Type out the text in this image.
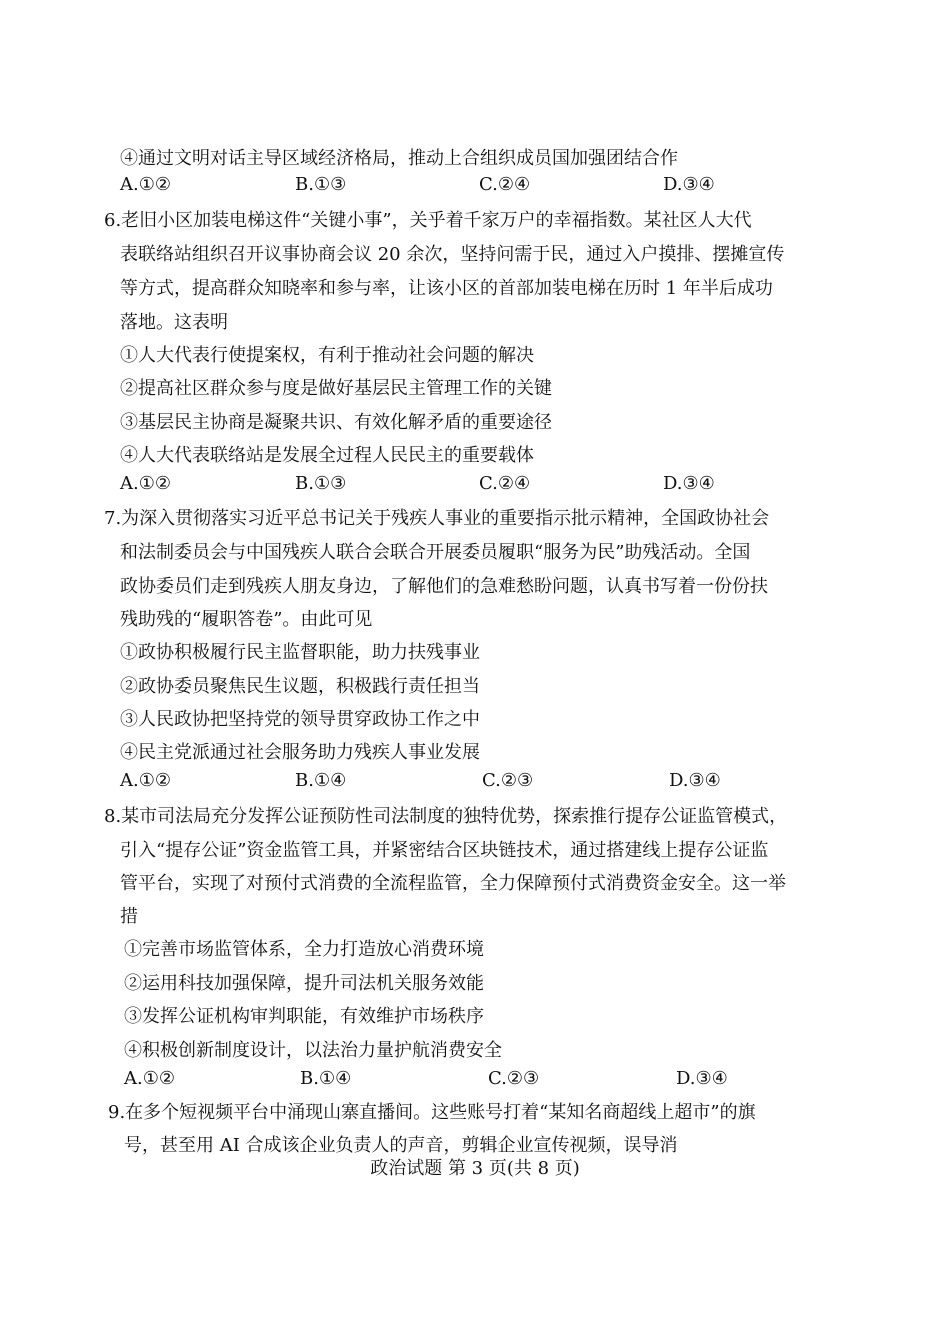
④通过文明对话主导区域经济格局，推动上合组织成员国加强团结合作
A.①②	B.①③	C.②④	D.③④
6.老旧小区加装电梯这件“关键小事”，关乎着千家万户的幸福指数。某社区人大代
表联络站组织召开议事协商会议 20 余次，坚持问需于民，通过入户摸排、摆摊宣传
等方式，提高群众知晓率和参与率，让该小区的首部加装电梯在历时 1 年半后成功
落地。这表明
①人大代表行使提案权，有利于推动社会问题的解决
②提高社区群众参与度是做好基层民主管理工作的关键
③基层民主协商是凝聚共识、有效化解矛盾的重要途径
④人大代表联络站是发展全过程人民民主的重要载体
A.①②	B.①③	C.②④	D.③④
7.为深入贯彻落实习近平总书记关于残疾人事业的重要指示批示精神，全国政协社会
和法制委员会与中国残疾人联合会联合开展委员履职“服务为民”助残活动。全国
政协委员们走到残疾人朋友身边，了解他们的急难愁盼问题，认真书写着一份份扶
残助残的“履职答卷”。由此可见
①政协积极履行民主监督职能，助力扶残事业
②政协委员聚焦民生议题，积极践行责任担当
③人民政协把坚持党的领导贯穿政协工作之中
④民主党派通过社会服务助力残疾人事业发展
A.①②	B.①④	C.②③	D.③④
8.某市司法局充分发挥公证预防性司法制度的独特优势，探索推行提存公证监管模式，
引入“提存公证”资金监管工具，并紧密结合区块链技术，通过搭建线上提存公证监
管平台，实现了对预付式消费的全流程监管，全力保障预付式消费资金安全。这一举
措
①完善市场监管体系，全力打造放心消费环境
②运用科技加强保障，提升司法机关服务效能
③发挥公证机构审判职能，有效维护市场秩序
④积极创新制度设计，以法治力量护航消费安全
A.①②	B.①④	C.②③	D.③④
9.在多个短视频平台中涌现山寨直播间。这些账号打着“某知名商超线上超市”的旗
号，甚至用 AI 合成该企业负责人的声音，剪辑企业宣传视频，误导消
政治试题 第 3 页(共 8 页)
